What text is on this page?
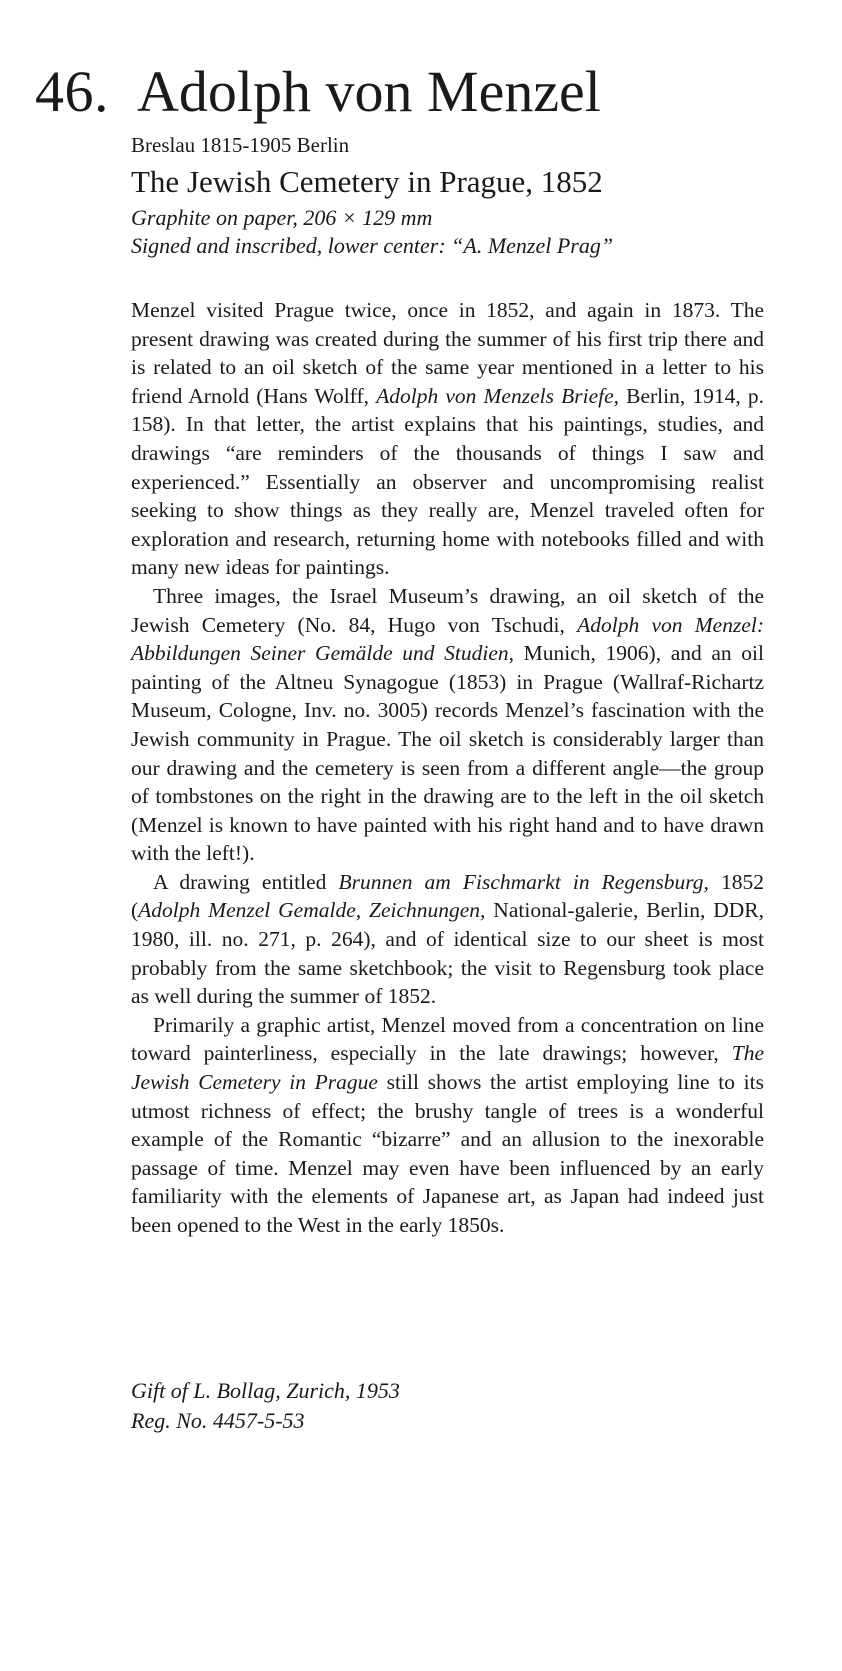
46. Adolph von Menzel

Breslau 1815-1905 Berlin

The Jewish Cemetery in Prague, 1852

Graphite on paper, 206 × 129 mm

Signed and inscribed, lower center: “A. Menzel Prag”

Menzel visited Prague twice, once in 1852, and again in 1873. The present drawing was created during the summer of his first trip there and is related to an oil sketch of the same year mentioned in a letter to his friend Arnold (Hans Wolff, Adolph von Menzels Briefe, Berlin, 1914, p. 158). In that letter, the artist explains that his paintings, studies, and drawings “are reminders of the thousands of things I saw and experienced.” Essentially an observer and uncompromising realist seeking to show things as they really are, Menzel traveled often for exploration and research, returning home with notebooks filled and with many new ideas for paintings.

Three images, the Israel Museum’s drawing, an oil sketch of the Jewish Cemetery (No. 84, Hugo von Tschudi, Adolph von Menzel: Abbildungen Seiner Gemälde und Studien, Munich, 1906), and an oil painting of the Altneu Synagogue (1853) in Prague (Wallraf-Richartz Museum, Cologne, Inv. no. 3005) records Menzel’s fascination with the Jewish community in Prague. The oil sketch is considerably larger than our drawing and the cemetery is seen from a different angle—the group of tombstones on the right in the drawing are to the left in the oil sketch (Menzel is known to have painted with his right hand and to have drawn with the left!).

A drawing entitled Brunnen am Fischmarkt in Regensburg, 1852 (Adolph Menzel Gemalde, Zeichnungen, National-galerie, Berlin, DDR, 1980, ill. no. 271, p. 264), and of identical size to our sheet is most probably from the same sketchbook; the visit to Regensburg took place as well during the summer of 1852.

Primarily a graphic artist, Menzel moved from a concentration on line toward painterliness, especially in the late drawings; however, The Jewish Cemetery in Prague still shows the artist employing line to its utmost richness of effect; the brushy tangle of trees is a wonderful example of the Romantic “bizarre” and an allusion to the inexorable passage of time. Menzel may even have been influenced by an early familiarity with the elements of Japanese art, as Japan had indeed just been opened to the West in the early 1850s.

Gift of L. Bollag, Zurich, 1953
Reg. No. 4457-5-53
